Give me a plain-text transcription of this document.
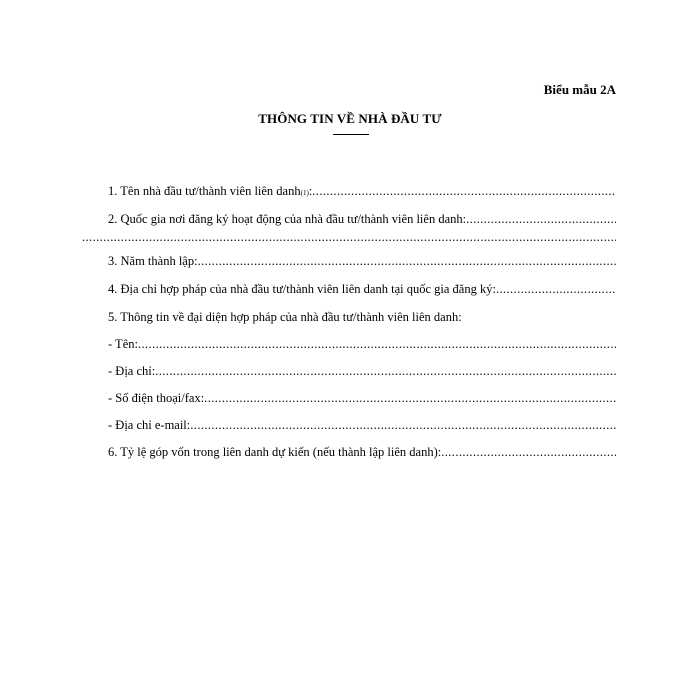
Biểu mẫu 2A
THÔNG TIN VỀ NHÀ ĐẦU TƯ
1. Tên nhà đầu tư/thành viên liên danh (1) :
.....
2. Quốc gia nơi đăng ký hoạt động của nhà đầu tư/thành viên liên danh:
.....
.....
3. Năm thành lập:
.....
4. Địa chỉ hợp pháp của nhà đầu tư/thành viên liên danh tại quốc gia đăng ký:
.....
5. Thông tin về đại diện hợp pháp của nhà đầu tư/thành viên liên danh:
- Tên:
.....
- Địa chỉ:
.....
- Số điện thoại/fax:
.....
- Địa chỉ e-mail:
.....
6. Tỷ lệ góp vốn trong liên danh dự kiến (nếu thành lập liên danh):
.....
